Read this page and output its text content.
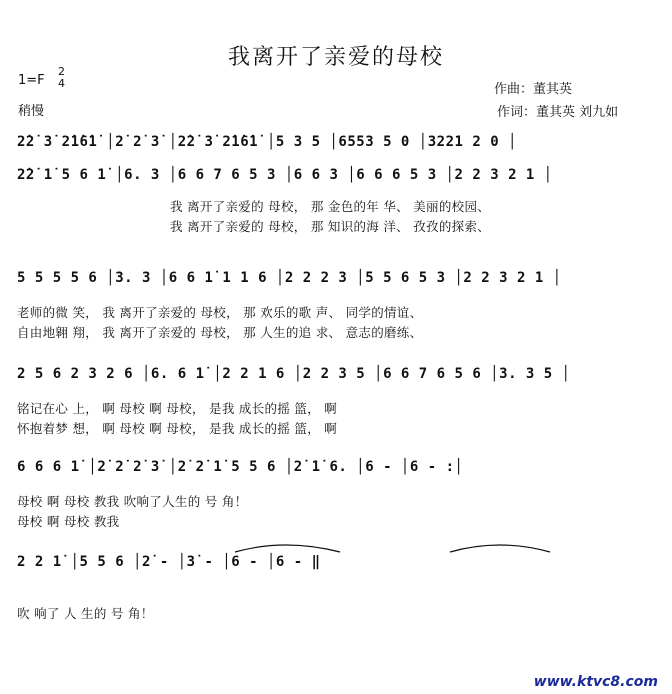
我离开了亲爱的母校
1=F
2
4
稍慢
作曲：董其英
作词：董其英 刘九如
2̇2̇ 3̇ 2̇1̇6̇1̇ │2̇ 2̇ 3̇ │2̇2̇ 3̇ 2̇1̇6̇1̇ │5 3 5 │6553 5 0 │3221 2 0 │
2̇2̇ 1̇ 5 6 1̇ │6. 3 │6 6 7 6 5 3 │6 6 3 │6 6 6 5 3 │2 2 3 2 1 │
我 离开了亲爱的 母校， 那 金色的年 华、 美丽的校园、
我 离开了亲爱的 母校， 那 知识的海 洋、 孜孜的探索、
5 5 5 5 6 │3. 3 │6 6 1̇ 1 1 6 │2 2 2 3 │5 5 6 5 3 │2 2 3 2 1 │
老师的微 笑， 我 离开了亲爱的 母校， 那 欢乐的歌 声、 同学的情谊、
自由地翱 翔， 我 离开了亲爱的 母校， 那 人生的追 求、 意志的磨练、
2 5 6 2 3 2 6 │6. 6 1̇ │2 2 1 6 │2 2 3 5 │6 6 7 6 5 6 │3. 3 5 │
铭记在心 上， 啊 母校 啊 母校， 是我 成长的摇 篮， 啊
怀抱着梦 想， 啊 母校 啊 母校， 是我 成长的摇 篮， 啊
6 6 6 1̇ │2̇ 2̇ 2̇ 3̇ │2̇ 2̇ 1̇ 5 5 6 │2̇ 1̇ 6. │6 - │6 - :│
母校 啊 母校 教我 吹响了人生的 号 角！
母校 啊 母校 教我
2 2 1̇ │5 5 6 │2̇ - │3̇ - │6 - │6 - ‖
吹 响了 人 生的 号 角！
www.ktvc8.com
